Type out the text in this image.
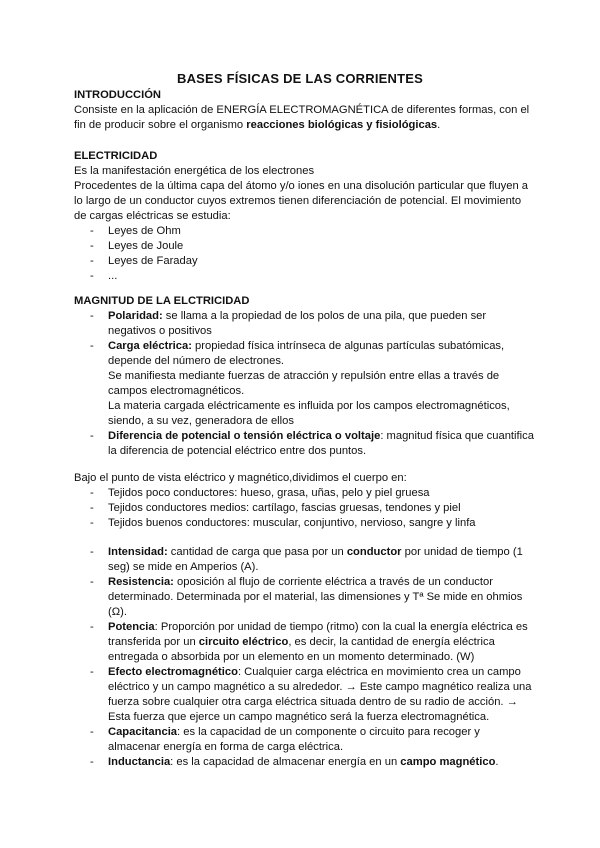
BASES FÍSICAS DE LAS CORRIENTES
INTRODUCCIÓN

Consiste en la aplicación de ENERGÍA ELECTROMAGNÉTICA de diferentes formas, con el fin de producir sobre el organismo reacciones biológicas y fisiológicas.

ELECTRICIDAD

Es la manifestación energética de los electrones

Procedentes de la última capa del átomo y/o iones en una disolución particular que fluyen a lo largo de un conductor cuyos extremos tienen diferenciación de potencial. El movimiento de cargas eléctricas se estudia:

- Leyes de Ohm
- Leyes de Joule
- Leyes de Faraday
- ...
MAGNITUD DE LA ELCTRICIDAD
- Polaridad: se llama a la propiedad de los polos de una pila, que pueden ser negativos o positivos
- Carga eléctrica: propiedad física intrínseca de algunas partículas subatómicas, depende del número de electrones.
Se manifiesta mediante fuerzas de atracción y repulsión entre ellas a través de campos electromagnéticos.
La materia cargada eléctricamente es influida por los campos electromagnéticos, siendo, a su vez, generadora de ellos
- Diferencia de potencial o tensión eléctrica o voltaje: magnitud física que cuantifica la diferencia de potencial eléctrico entre dos puntos.

Bajo el punto de vista eléctrico y magnético,dividimos el cuerpo en:

- Tejidos poco conductores: hueso, grasa, uñas, pelo y piel gruesa
- Tejidos conductores medios: cartílago, fascias gruesas, tendones y piel
- Tejidos buenos conductores: muscular, conjuntivo, nervioso, sangre y linfa
- Intensidad: cantidad de carga que pasa por un conductor por unidad de tiempo (1 seg) se mide en Amperios (A).
- Resistencia: oposición al flujo de corriente eléctrica a través de un conductor determinado. Determinada por el material, las dimensiones y Tª Se mide en ohmios (Ω).
- Potencia: Proporción por unidad de tiempo (ritmo) con la cual la energía eléctrica es transferida por un circuito eléctrico, es decir, la cantidad de energía eléctrica entregada o absorbida por un elemento en un momento determinado. (W)
- Efecto electromagnético: Cualquier carga eléctrica en movimiento crea un campo eléctrico y un campo magnético a su alrededor. → Este campo magnético realiza una fuerza sobre cualquier otra carga eléctrica situada dentro de su radio de acción. → Esta fuerza que ejerce un campo magnético será la fuerza electromagnética.
- Capacitancia: es la capacidad de un componente o circuito para recoger y almacenar energía en forma de carga eléctrica.
- Inductancia: es la capacidad de almacenar energía en un campo magnético.
